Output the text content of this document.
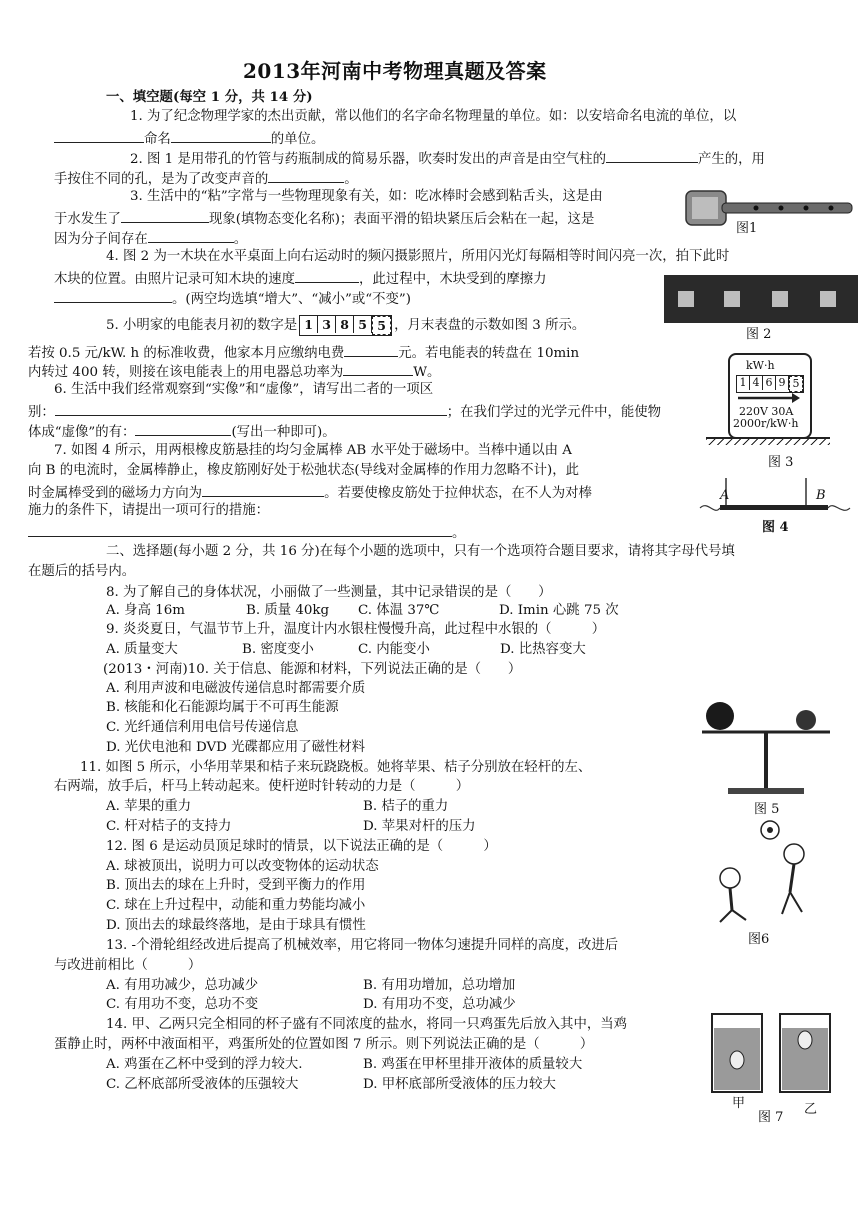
2013年河南中考物理真题及答案
一、填空题(每空 1 分，共 14 分)
1. 为了纪念物理学家的杰出贡献，常以他们的名字命名物理量的单位。如：以安培命名电流的单位，以
命名	的单位。
2. 图 1 是用带孔的竹管与药瓶制成的简易乐器，吹奏时发出的声音是由空气柱的	产生的，用
手按住不同的孔，是为了改变声音的	。
3. 生活中的“粘”字常与一些物理现象有关，如：吃冰棒时会感到粘舌头，这是由
于水发生了	现象(填物态变化名称)；表面平滑的铅块紧压后会粘在一起，这是
因为分子间存在	。
4. 图 2 为一木块在水平桌面上向右运动时的频闪摄影照片，所用闪光灯每隔相等时间闪亮一次，拍下此时
木块的位置。由照片记录可知木块的速度	，此过程中，木块受到的摩擦力
。(两空均选填“增大”、“减小”或“不变”)
5. 小明家的电能表月初的数字是 1 3 8 5 5 ，月末表盘的示数如图 3 所示。
若按 0.5 元/kW. h 的标准收费，他家本月应缴纳电费	元。若电能表的转盘在 10min
内转过 400 转，则接在该电能表上的用电器总功率为	W。
6. 生活中我们经常观察到“实像”和“虚像”，请写出二者的一项区
别：	；在我们学过的光学元件中，能使物
体成“虚像”的有：	(写出一种即可)。
7. 如图 4 所示，用两根橡皮筋悬挂的均匀金属棒 AB 水平处于磁场中。当棒中通以由 A
向 B 的电流时，金属棒静止，橡皮筋刚好处于松弛状态(导线对金属棒的作用力忽略不计)，此
时金属棒受到的磁场力方向为	。若要使橡皮筋处于拉伸状态，在不人为对棒
施力的条件下，请提出一项可行的措施：
。
二、选择题(每小题 2 分，共 16 分)在每个小题的选项中，只有一个选项符合题目要求，请将其字母代号填
在题后的括号内。
8. 为了解自己的身体状况，小丽做了一些测量，其中记录错误的是（　　）
A. 身高 16m	B. 质量 40kg C. 体温 37℃	D. Imin 心跳 75 次
9. 炎炎夏日，气温节节上升，温度计内水银柱慢慢升高，此过程中水银的（　　　）
A. 质量变大	B. 密度变小	C. 内能变小	D. 比热容变大
(2013・河南)10. 关于信息、能源和材料，下列说法正确的是（　　）
A. 利用声波和电磁波传递信息时都需要介质
B. 核能和化石能源均属于不可再生能源
C. 光纤通信利用电信号传递信息
D. 光伏电池和 DVD 光碟都应用了磁性材料
11. 如图 5 所示，小华用苹果和桔子来玩跷跷板。她将苹果、桔子分别放在轻杆的左、
右两端，放手后，杆马上转动起来。使杆逆时针转动的力是（　　　）
A. 苹果的重力	B. 桔子的重力
C. 杆对桔子的支持力	D. 苹果对杆的压力
12. 图 6 是运动员顶足球时的情景，以下说法正确的是（　　　）
A. 球被顶出，说明力可以改变物体的运动状态
B. 顶出去的球在上升时，受到平衡力的作用
C. 球在上升过程中，动能和重力势能均减小
D. 顶出去的球最终落地，是由于球具有惯性
13. -个滑轮组经改进后提高了机械效率，用它将同一物体匀速提升同样的高度，改进后
与改进前相比（　　　）
A. 有用功减少，总功减少	B. 有用功增加，总功增加
C. 有用功不变，总功不变	D. 有用功不变，总功减少
14. 甲、乙两只完全相同的杯子盛有不同浓度的盐水，将同一只鸡蛋先后放入其中，当鸡
蛋静止时，两杯中液面相平，鸡蛋所处的位置如图 7 所示。则下列说法正确的是（　　　）
A. 鸡蛋在乙杯中受到的浮力较大.	B. 鸡蛋在甲杯里排开液体的质量较大
C. 乙杯底部所受液体的压强较大	D. 甲杯底部所受液体的压力较大
图1
图 2
kW·h
1 4 6 9 5
220V 30A
2000r/kW·h
图 3
A	B
图 4
图 5
图6
甲	乙
图 7
